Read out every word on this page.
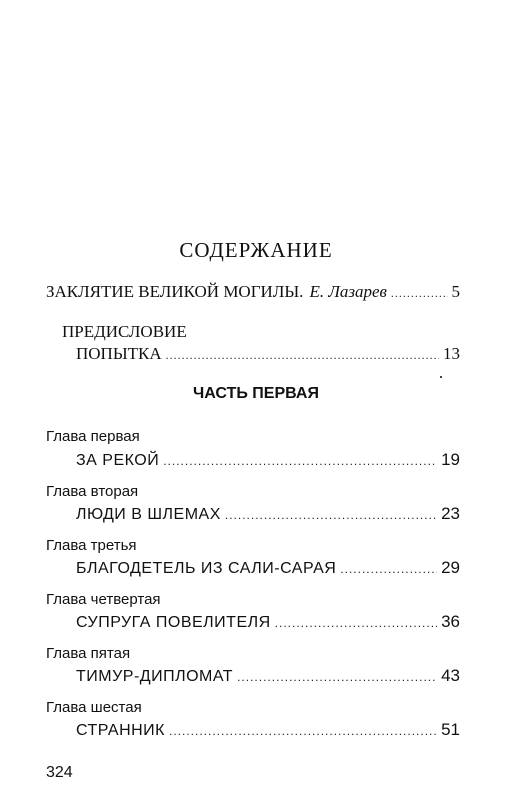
СОДЕРЖАНИЕ
ЗАКЛЯТИЕ ВЕЛИКОЙ МОГИЛЫ. Е. Лазарев .....	5
ПРЕДИСЛОВИЕ
ПОПЫТКА .....	13
ЧАСТЬ ПЕРВАЯ
Глава первая
ЗА РЕКОЙ .....	19
Глава вторая
ЛЮДИ В ШЛЕМАХ .....	23
Глава третья
БЛАГОДЕТЕЛЬ ИЗ САЛИ-САРАЯ .....	29
Глава четвертая
СУПРУГА ПОВЕЛИТЕЛЯ .....	36
Глава пятая
ТИМУР-ДИПЛОМАТ .....	43
Глава шестая
СТРАННИК .....	51
324
